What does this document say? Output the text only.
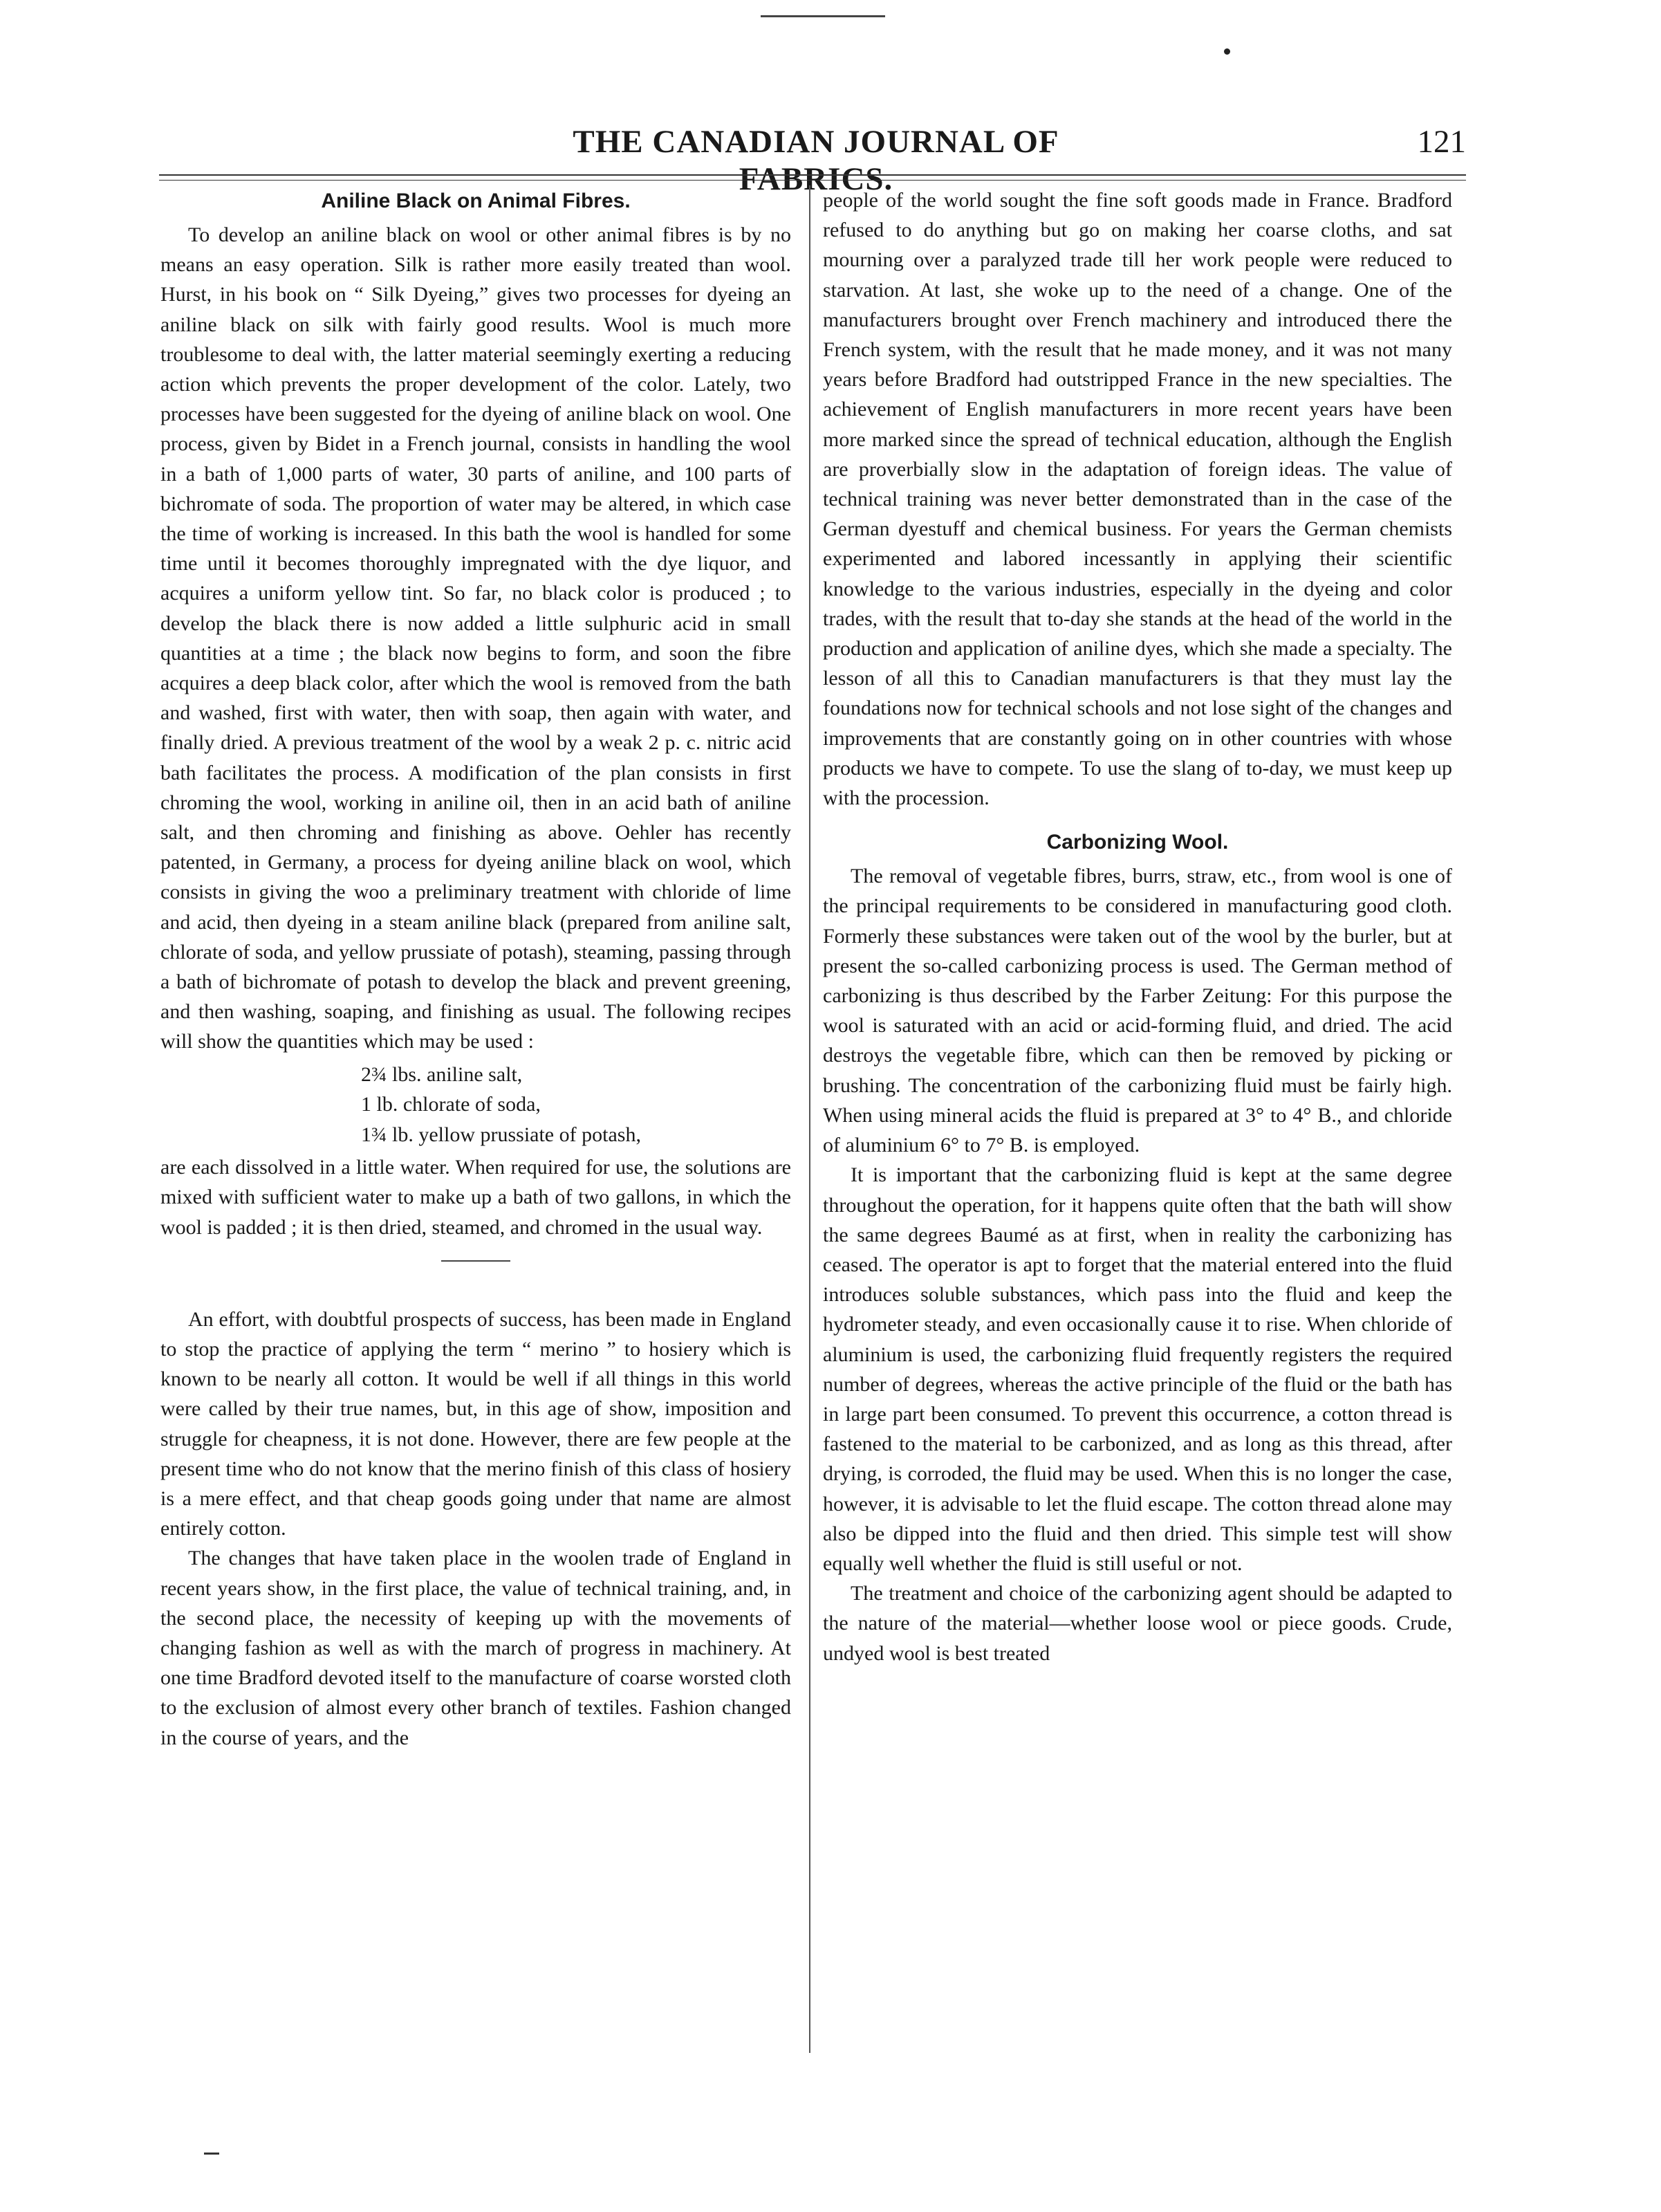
THE CANADIAN JOURNAL OF FABRICS.
121
Aniline Black on Animal Fibres.

To develop an aniline black on wool or other animal fibres is by no means an easy operation. Silk is rather more easily treated than wool. Hurst, in his book on “ Silk Dyeing,” gives two processes for dyeing an aniline black on silk with fairly good results. Wool is much more troublesome to deal with, the latter material seemingly exerting a reducing action which prevents the proper development of the color. Lately, two processes have been suggested for the dyeing of aniline black on wool. One process, given by Bidet in a French journal, consists in handling the wool in a bath of 1,000 parts of water, 30 parts of aniline, and 100 parts of bichromate of soda. The proportion of water may be altered, in which case the time of working is increased. In this bath the wool is handled for some time until it becomes thoroughly impregnated with the dye liquor, and acquires a uniform yellow tint. So far, no black color is produced ; to develop the black there is now added a little sulphuric acid in small quantities at a time ; the black now begins to form, and soon the fibre acquires a deep black color, after which the wool is removed from the bath and washed, first with water, then with soap, then again with water, and finally dried. A previous treatment of the wool by a weak 2 p. c. nitric acid bath facilitates the process. A modification of the plan consists in first chroming the wool, working in aniline oil, then in an acid bath of aniline salt, and then chroming and finishing as above. Oehler has recently patented, in Germany, a process for dyeing aniline black on wool, which consists in giving the woo a preliminary treatment with chloride of lime and acid, then dyeing in a steam aniline black (prepared from aniline salt, chlorate of soda, and yellow prussiate of potash), steaming, passing through a bath of bichromate of potash to develop the black and prevent greening, and then washing, soaping, and finishing as usual. The following recipes will show the quantities which may be used :

2¾ lbs. aniline salt,
1 lb. chlorate of soda,
1¾ lb. yellow prussiate of potash,

are each dissolved in a little water. When required for use, the solutions are mixed with sufficient water to make up a bath of two gallons, in which the wool is padded ; it is then dried, steamed, and chromed in the usual way.

An effort, with doubtful prospects of success, has been made in England to stop the practice of applying the term “ merino ” to hosiery which is known to be nearly all cotton. It would be well if all things in this world were called by their true names, but, in this age of show, imposition and struggle for cheapness, it is not done. However, there are few people at the present time who do not know that the merino finish of this class of hosiery is a mere effect, and that cheap goods going under that name are almost entirely cotton.

The changes that have taken place in the woolen trade of England in recent years show, in the first place, the value of technical training, and, in the second place, the necessity of keeping up with the movements of changing fashion as well as with the march of progress in machinery. At one time Bradford devoted itself to the manufacture of coarse worsted cloth to the exclusion of almost every other branch of textiles. Fashion changed in the course of years, and the

people of the world sought the fine soft goods made in France. Bradford refused to do anything but go on making her coarse cloths, and sat mourning over a paralyzed trade till her work people were reduced to starvation. At last, she woke up to the need of a change. One of the manufacturers brought over French machinery and introduced there the French system, with the result that he made money, and it was not many years before Bradford had outstripped France in the new specialties. The achievement of English manufacturers in more recent years have been more marked since the spread of technical education, although the English are proverbially slow in the adaptation of foreign ideas. The value of technical training was never better demonstrated than in the case of the German dyestuff and chemical business. For years the German chemists experimented and labored incessantly in applying their scientific knowledge to the various industries, especially in the dyeing and color trades, with the result that to-day she stands at the head of the world in the production and application of aniline dyes, which she made a specialty. The lesson of all this to Canadian manufacturers is that they must lay the foundations now for technical schools and not lose sight of the changes and improvements that are constantly going on in other countries with whose products we have to compete. To use the slang of to-day, we must keep up with the procession.

Carbonizing Wool.

The removal of vegetable fibres, burrs, straw, etc., from wool is one of the principal requirements to be considered in manufacturing good cloth. Formerly these substances were taken out of the wool by the burler, but at present the so-called carbonizing process is used. The German method of carbonizing is thus described by the Farber Zeitung: For this purpose the wool is saturated with an acid or acid-forming fluid, and dried. The acid destroys the vegetable fibre, which can then be removed by picking or brushing. The concentration of the carbonizing fluid must be fairly high. When using mineral acids the fluid is prepared at 3° to 4° B., and chloride of aluminium 6° to 7° B. is employed.

It is important that the carbonizing fluid is kept at the same degree throughout the operation, for it happens quite often that the bath will show the same degrees Baumé as at first, when in reality the carbonizing has ceased. The operator is apt to forget that the material entered into the fluid introduces soluble substances, which pass into the fluid and keep the hydrometer steady, and even occasionally cause it to rise. When chloride of aluminium is used, the carbonizing fluid frequently registers the required number of degrees, whereas the active principle of the fluid or the bath has in large part been consumed. To prevent this occurrence, a cotton thread is fastened to the material to be carbonized, and as long as this thread, after drying, is corroded, the fluid may be used. When this is no longer the case, however, it is advisable to let the fluid escape. The cotton thread alone may also be dipped into the fluid and then dried. This simple test will show equally well whether the fluid is still useful or not.

The treatment and choice of the carbonizing agent should be adapted to the nature of the material—whether loose wool or piece goods. Crude, undyed wool is best treated
